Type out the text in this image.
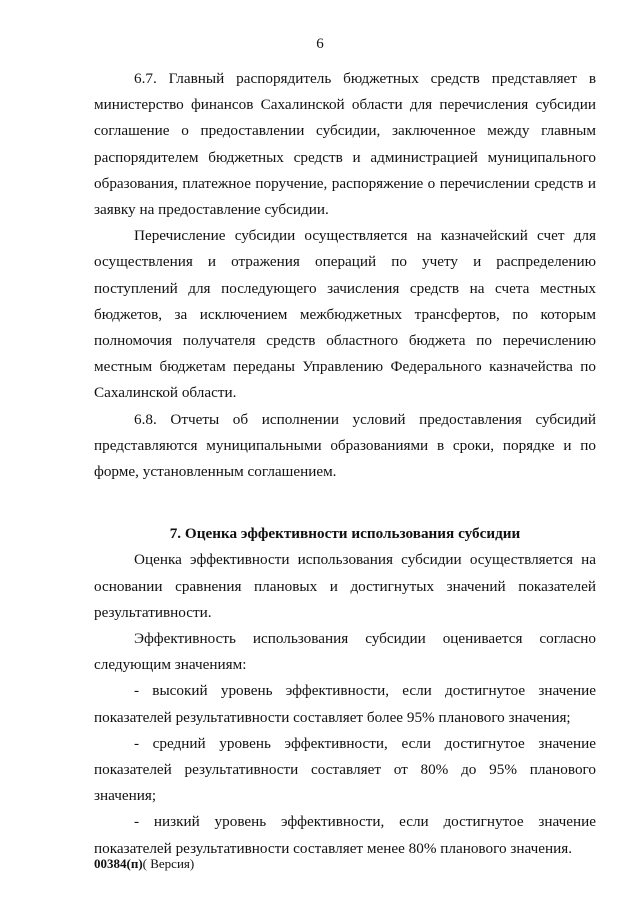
6

6.7. Главный распорядитель бюджетных средств представляет в министерство финансов Сахалинской области для перечисления субсидии соглашение о предоставлении субсидии, заключенное между главным распорядителем бюджетных средств и администрацией муниципального образования, платежное поручение, распоряжение о перечислении средств и заявку на предоставление субсидии.

Перечисление субсидии осуществляется на казначейский счет для осуществления и отражения операций по учету и распределению поступлений для последующего зачисления средств на счета местных бюджетов, за исключением межбюджетных трансфертов, по которым полномочия получателя средств областного бюджета по перечислению местным бюджетам переданы Управлению Федерального казначейства по Сахалинской области.

6.8. Отчеты об исполнении условий предоставления субсидий представляются муниципальными образованиями в сроки, порядке и по форме, установленным соглашением.

7. Оценка эффективности использования субсидии

Оценка эффективности использования субсидии осуществляется на основании сравнения плановых и достигнутых значений показателей результативности.

Эффективность использования субсидии оценивается согласно следующим значениям:

- высокий уровень эффективности, если достигнутое значение показателей результативности составляет более 95% планового значения;

- средний уровень эффективности, если достигнутое значение показателей результативности составляет от 80% до 95% планового значения;

- низкий уровень эффективности, если достигнутое значение показателей результативности составляет менее 80% планового значения.

00384(п)( Версия)
